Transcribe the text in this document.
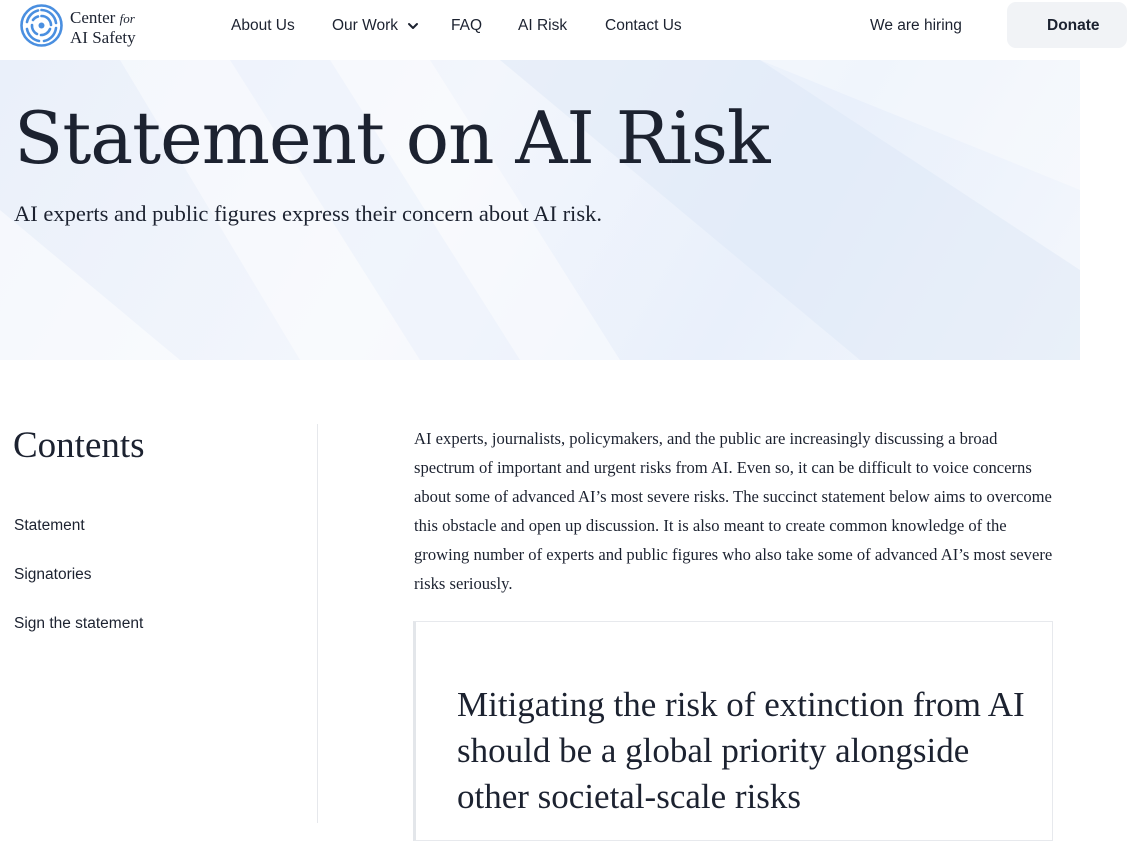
Center for
AI Safety
About Us Our Work	FAQ AI Risk Contact Us	We are hiring	Donate
Statement on AI Risk
AI experts and public figures express their concern about AI risk.
Contents
Statement
Signatories
Sign the statement

AI experts, journalists, policymakers, and the public are increasingly discussing a broad spectrum of important and urgent risks from AI. Even so, it can be difficult to voice concerns about some of advanced AI’s most severe risks. The succinct statement below aims to overcome this obstacle and open up discussion. It is also meant to create common knowledge of the growing number of experts and public figures who also take some of advanced AI’s most severe risks seriously.

Mitigating the risk of extinction from AI should be a global priority alongside other societal-scale risks
